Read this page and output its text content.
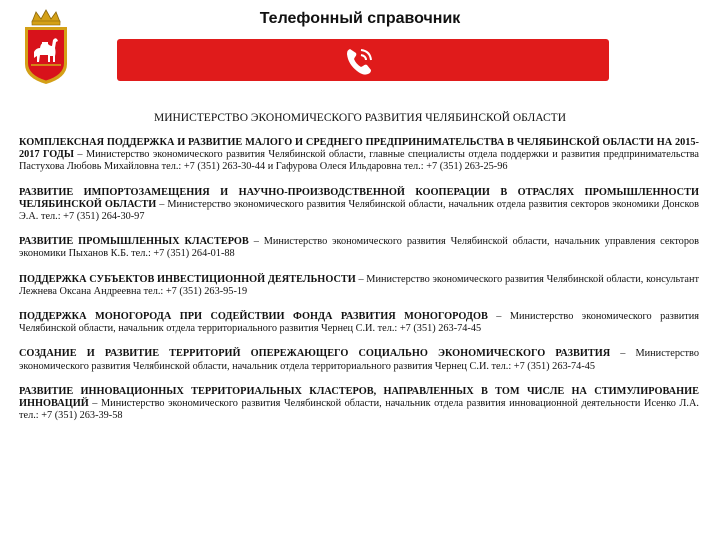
Телефонный справочник
МИНИСТЕРСТВО ЭКОНОМИЧЕСКОГО РАЗВИТИЯ ЧЕЛЯБИНСКОЙ ОБЛАСТИ
КОМПЛЕКСНАЯ ПОДДЕРЖКА И РАЗВИТИЕ МАЛОГО И СРЕДНЕГО ПРЕДПРИНИМАТЕЛЬСТВА В ЧЕЛЯБИНСКОЙ ОБЛАСТИ НА 2015-2017 ГОДЫ – Министерство экономического развития Челябинской области, главные специалисты отдела поддержки и развития предпринимательства Пастухова Любовь Михайловна тел.: +7 (351) 263-30-44 и Гафурова Олеся Ильдаровна тел.: +7 (351) 263-25-96
РАЗВИТИЕ ИМПОРТОЗАМЕЩЕНИЯ И НАУЧНО-ПРОИЗВОДСТВЕННОЙ КООПЕРАЦИИ В ОТРАСЛЯХ ПРОМЫШЛЕННОСТИ ЧЕЛЯБИНСКОЙ ОБЛАСТИ – Министерство экономического развития Челябинской области, начальник отдела развития секторов экономики Донсков Э.А. тел.: +7 (351) 264-30-97
РАЗВИТИЕ ПРОМЫШЛЕННЫХ КЛАСТЕРОВ – Министерство экономического развития Челябинской области, начальник управления секторов экономики Пыханов К.Б. тел.: +7 (351) 264-01-88
ПОДДЕРЖКА СУБЪЕКТОВ ИНВЕСТИЦИОННОЙ ДЕЯТЕЛЬНОСТИ – Министерство экономического развития Челябинской области, консультант Лежнева Оксана Андреевна тел.: +7 (351) 263-95-19
ПОДДЕРЖКА МОНОГОРОДА ПРИ СОДЕЙСТВИИ ФОНДА РАЗВИТИЯ МОНОГОРОДОВ – Министерство экономического развития Челябинской области, начальник отдела территориального развития Чернец С.И. тел.: +7 (351) 263-74-45
СОЗДАНИЕ И РАЗВИТИЕ ТЕРРИТОРИЙ ОПЕРЕЖАЮЩЕГО СОЦИАЛЬНО ЭКОНОМИЧЕСКОГО РАЗВИТИЯ – Министерство экономического развития Челябинской области, начальник отдела территориального развития Чернец С.И. тел.: +7 (351) 263-74-45
РАЗВИТИЕ ИННОВАЦИОННЫХ ТЕРРИТОРИАЛЬНЫХ КЛАСТЕРОВ, НАПРАВЛЕННЫХ В ТОМ ЧИСЛЕ НА СТИМУЛИРОВАНИЕ ИННОВАЦИЙ – Министерство экономического развития Челябинской области, начальник отдела развития инновационной деятельности Исенко Л.А. тел.: +7 (351) 263-39-58
